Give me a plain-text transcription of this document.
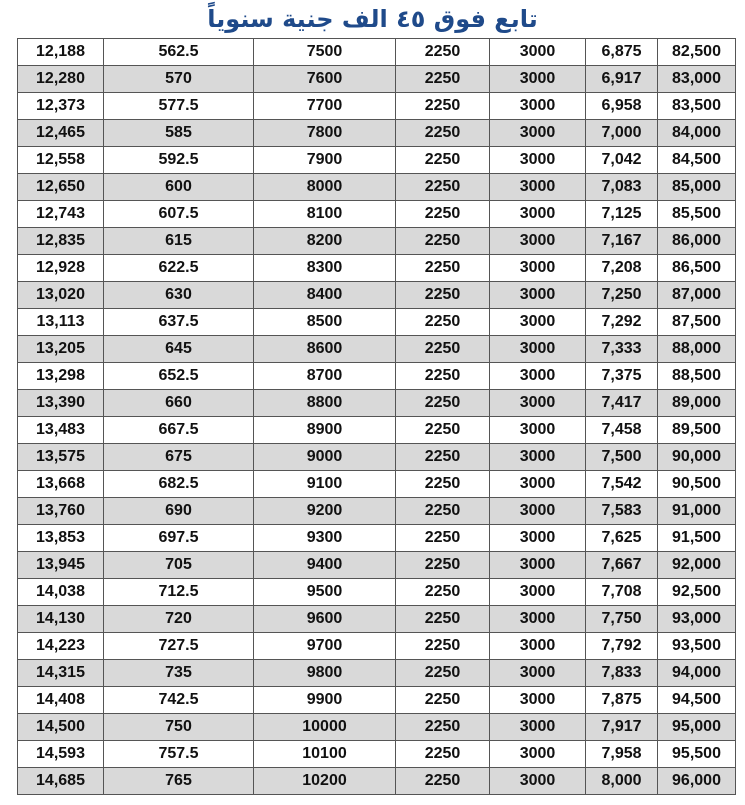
تابع فوق ٤٥ الف جنية سنوياً
12,188	562.5	7500	2250	3000	6,875	82,500
12,280	570	7600	2250	3000	6,917	83,000
12,373	577.5	7700	2250	3000	6,958	83,500
12,465	585	7800	2250	3000	7,000	84,000
12,558	592.5	7900	2250	3000	7,042	84,500
12,650	600	8000	2250	3000	7,083	85,000
12,743	607.5	8100	2250	3000	7,125	85,500
12,835	615	8200	2250	3000	7,167	86,000
12,928	622.5	8300	2250	3000	7,208	86,500
13,020	630	8400	2250	3000	7,250	87,000
13,113	637.5	8500	2250	3000	7,292	87,500
13,205	645	8600	2250	3000	7,333	88,000
13,298	652.5	8700	2250	3000	7,375	88,500
13,390	660	8800	2250	3000	7,417	89,000
13,483	667.5	8900	2250	3000	7,458	89,500
13,575	675	9000	2250	3000	7,500	90,000
13,668	682.5	9100	2250	3000	7,542	90,500
13,760	690	9200	2250	3000	7,583	91,000
13,853	697.5	9300	2250	3000	7,625	91,500
13,945	705	9400	2250	3000	7,667	92,000
14,038	712.5	9500	2250	3000	7,708	92,500
14,130	720	9600	2250	3000	7,750	93,000
14,223	727.5	9700	2250	3000	7,792	93,500
14,315	735	9800	2250	3000	7,833	94,000
14,408	742.5	9900	2250	3000	7,875	94,500
14,500	750	10000	2250	3000	7,917	95,000
14,593	757.5	10100	2250	3000	7,958	95,500
14,685	765	10200	2250	3000	8,000	96,000
